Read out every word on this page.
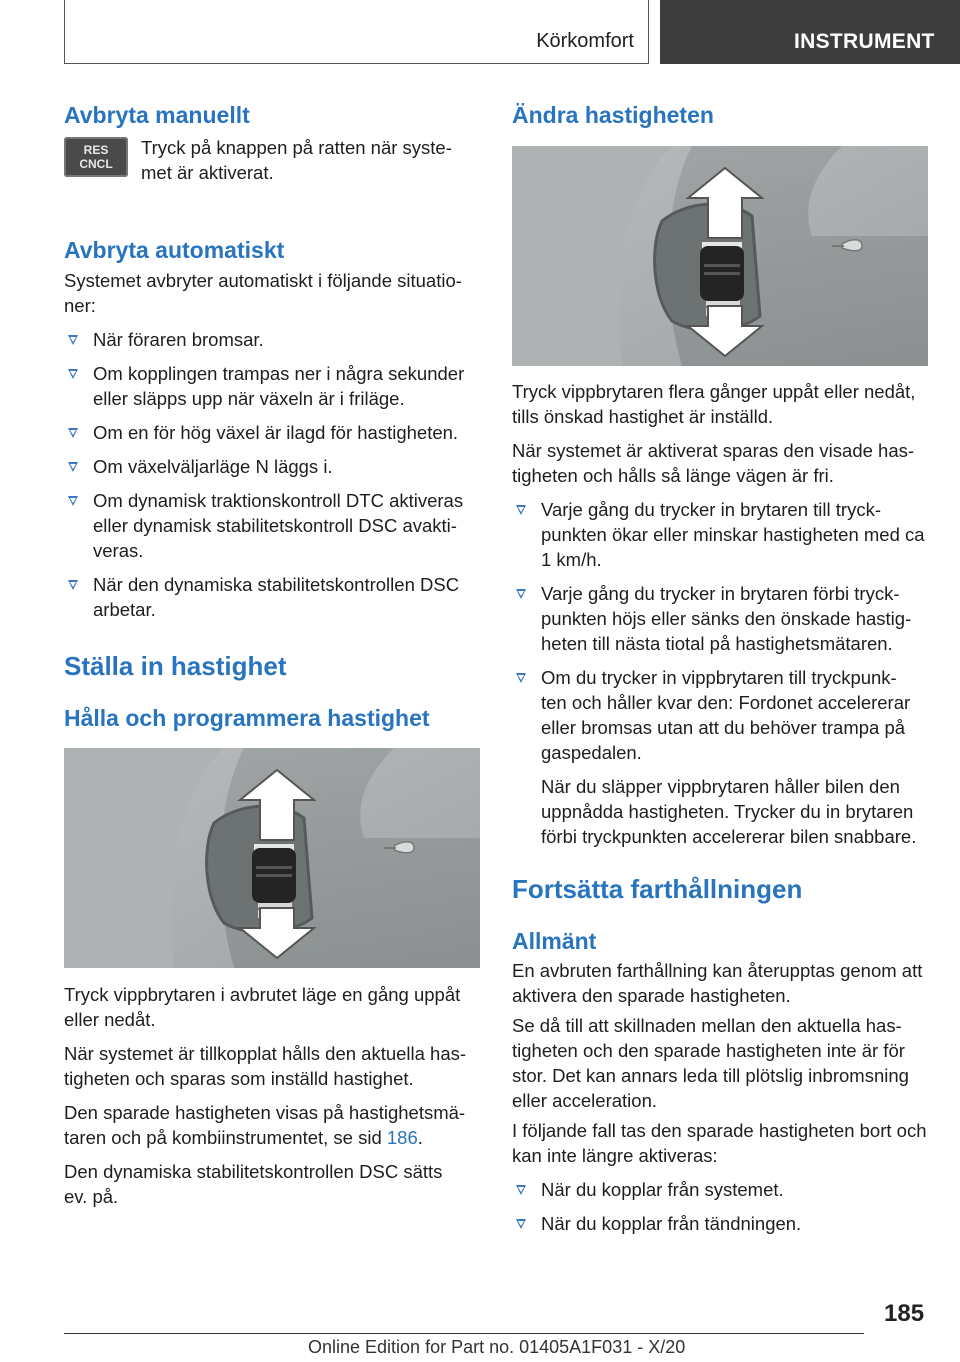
Körkomfort	INSTRUMENT
Avbryta manuellt
RES
CNCL

Tryck på knappen på ratten när syste-
met är aktiverat.

Avbryta automatiskt

Systemet avbryter automatiskt i följande situatio-
ner:

När föraren bromsar.
Om kopplingen trampas ner i några sekunder eller släpps upp när växeln är i friläge.
Om en för hög växel är ilagd för hastigheten.
Om växelväljarläge N läggs i.
Om dynamisk traktionskontroll DTC aktiveras eller dynamisk stabilitetskontroll DSC avakti-
veras.
När den dynamiska stabilitetskontrollen DSC arbetar.
Ställa in hastighet
Hålla och programmera hastighet

Tryck vippbrytaren i avbrutet läge en gång uppåt eller nedåt.

När systemet är tillkopplat hålls den aktuella has-
tigheten och sparas som inställd hastighet.

Den sparade hastigheten visas på hastighetsmä-
taren och på kombiinstrumentet, se sid 186.

Den dynamiska stabilitetskontrollen DSC sätts
ev. på.

Ändra hastigheten

Tryck vippbrytaren flera gånger uppåt eller nedåt, tills önskad hastighet är inställd.

När systemet är aktiverat sparas den visade has-
tigheten och hålls så länge vägen är fri.

Varje gång du trycker in brytaren till tryck-
punkten ökar eller minskar hastigheten med ca 1 km/h.
Varje gång du trycker in brytaren förbi tryck-
punkten höjs eller sänks den önskade hastig-
heten till nästa tiotal på hastighetsmätaren.
Om du trycker in vippbrytaren till tryckpunk-
ten och håller kvar den: Fordonet accelererar eller bromsas utan att du behöver trampa på gaspedalen.

När du släpper vippbrytaren håller bilen den uppnådda hastigheten. Trycker du in brytaren förbi tryckpunkten accelererar bilen snabbare.

Fortsätta farthållningen
Allmänt

En avbruten farthållning kan återupptas genom att aktivera den sparade hastigheten.

Se då till att skillnaden mellan den aktuella has-
tigheten och den sparade hastigheten inte är för stor. Det kan annars leda till plötslig inbromsning eller acceleration.

I följande fall tas den sparade hastigheten bort och kan inte längre aktiveras:

När du kopplar från systemet.
När du kopplar från tändningen.
185
Online Edition for Part no. 01405A1F031 - X/20
